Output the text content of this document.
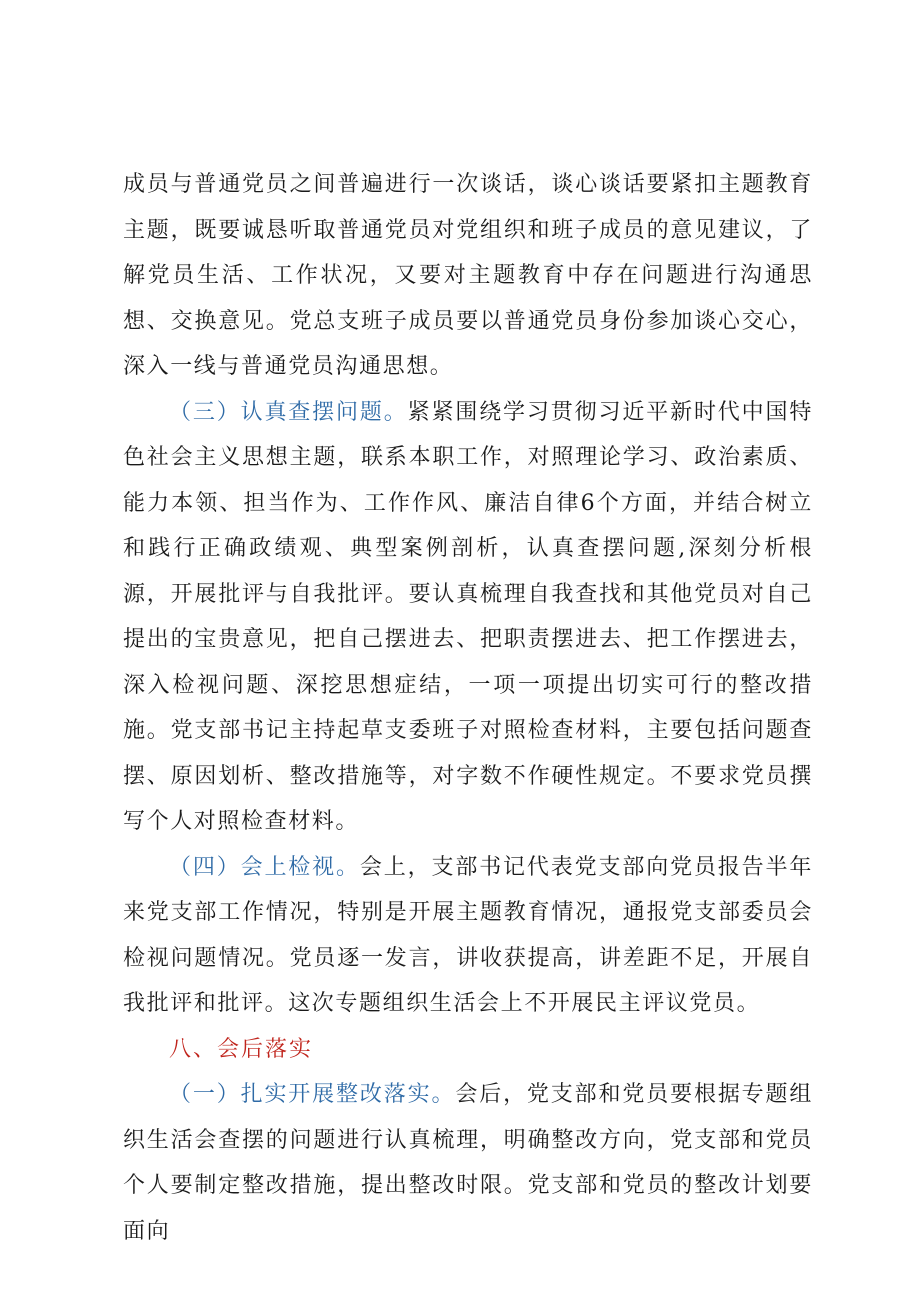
成员与普通党员之间普遍进行一次谈话，谈心谈话要紧扣主题教育主题，既要诚恳听取普通党员对党组织和班子成员的意见建议，了解党员生活、工作状况，又要对主题教育中存在问题进行沟通思想、交换意见。党总支班子成员要以普通党员身份参加谈心交心，深入一线与普通党员沟通思想。

（三）认真查摆问题。紧紧围绕学习贯彻习近平新时代中国特色社会主义思想主题，联系本职工作，对照理论学习、政治素质、能力本领、担当作为、工作作风、廉洁自律6个方面，并结合树立和践行正确政绩观、典型案例剖析，认真查摆问题,深刻分析根源，开展批评与自我批评。要认真梳理自我查找和其他党员对自己提出的宝贵意见，把自己摆进去、把职责摆进去、把工作摆进去，深入检视问题、深挖思想症结，一项一项提出切实可行的整改措施。党支部书记主持起草支委班子对照检查材料，主要包括问题查摆、原因划析、整改措施等，对字数不作硬性规定。不要求党员撰写个人对照检查材料。

（四）会上检视。会上，支部书记代表党支部向党员报告半年来党支部工作情况，特别是开展主题教育情况，通报党支部委员会检视问题情况。党员逐一发言，讲收获提高，讲差距不足，开展自我批评和批评。这次专题组织生活会上不开展民主评议党员。

八、会后落实

（一）扎实开展整改落实。会后，党支部和党员要根据专题组织生活会查摆的问题进行认真梳理，明确整改方向，党支部和党员个人要制定整改措施，提出整改时限。党支部和党员的整改计划要面向
